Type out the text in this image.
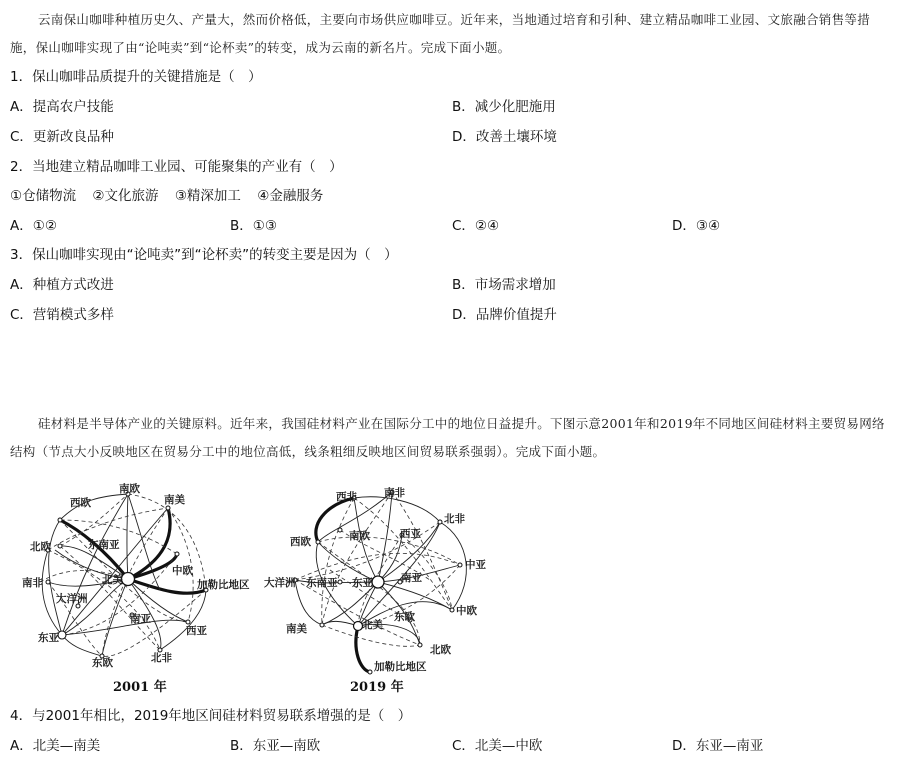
云南保山咖啡种植历史久、产量大，然而价格低，主要向市场供应咖啡豆。近年来，当地通过培育和引种、建立精品咖啡工业园、文旅融合销售等措施，保山咖啡实现了由“论吨卖”到“论杯卖”的转变，成为云南的新名片。完成下面小题。
1．保山咖啡品质提升的关键措施是（　）
A．提高农户技能	B．减少化肥施用
C．更新改良品种	D．改善土壤环境
2．当地建立精品咖啡工业园、可能聚集的产业有（　）
①仓储物流 ②文化旅游 ③精深加工 ④金融服务
A．①②	B．①③	C．②④	D．③④
3．保山咖啡实现由“论吨卖”到“论杯卖”的转变主要是因为（　）
A．种植方式改进	B．市场需求增加
C．营销模式多样	D．品牌价值提升
硅材料是半导体产业的关键原料。近年来，我国硅材料产业在国际分工中的地位日益提升。下图示意2001年和2019年不同地区间硅材料主要贸易网络结构（节点大小反映地区在贸易分工中的地位高低，线条粗细反映地区间贸易联系强弱）。完成下面小题。
南欧
西欧	南美
北欧	东南亚
北美
中欧
加勒比地区
南非
大洋洲
南亚
东亚
西亚
东欧	北非
2001 年
西非	南非
北非
西欧	南欧	西亚
大洋洲 东南亚 东亚	南亚
中亚
东欧	中欧
南美	北美
北欧
加勒比地区
2019 年
4．与2001年相比，2019年地区间硅材料贸易联系增强的是（　）
A．北美—南美	B．东亚—南欧	C．北美—中欧	D．东亚—南亚
